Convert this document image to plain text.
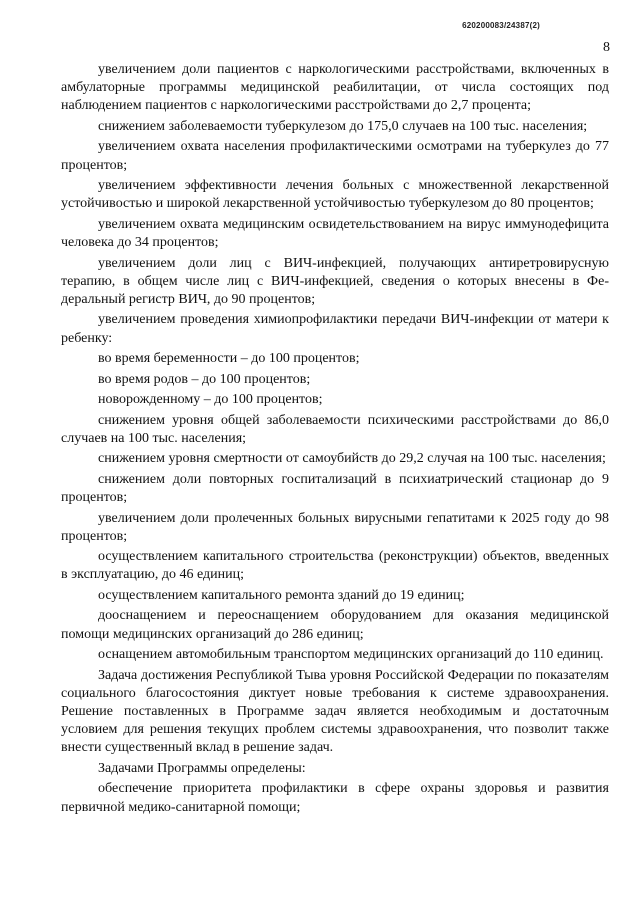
620200083/24387(2)
8

увеличением доли пациентов с наркологическими расстройствами, включенных в амбулаторные программы медицинской реабилитации, от числа состоящих под наблюдением пациентов с наркологическими расстройствами до 2,7 процента;

снижением заболеваемости туберкулезом до 175,0 случаев на 100 тыс. населения;

увеличением охвата населения профилактическими осмотрами на туберкулез до 77 процентов;

увеличением эффективности лечения больных с множественной лекарственной устойчивостью и широкой лекарственной устойчивостью туберкулезом до 80 процентов;

увеличением охвата медицинским освидетельствованием на вирус иммунодефицита человека до 34 процентов;

увеличением доли лиц с ВИЧ-инфекцией, получающих антиретровирусную терапию, в общем числе лиц с ВИЧ-инфекцией, сведения о которых внесены в Федеральный регистр ВИЧ, до 90 процентов;

увеличением проведения химиопрофилактики передачи ВИЧ-инфекции от матери к ребенку:

во время беременности – до 100 процентов;

во время родов – до 100 процентов;

новорожденному – до 100 процентов;

снижением уровня общей заболеваемости психическими расстройствами до 86,0 случаев на 100 тыс. населения;

снижением уровня смертности от самоубийств до 29,2 случая на 100 тыс. населения;

снижением доли повторных госпитализаций в психиатрический стационар до 9 процентов;

увеличением доли пролеченных больных вирусными гепатитами к 2025 году до 98 процентов;

осуществлением капитального строительства (реконструкции) объектов, введенных в эксплуатацию, до 46 единиц;

осуществлением капитального ремонта зданий до 19 единиц;

дооснащением и переоснащением оборудованием для оказания медицинской помощи медицинских организаций до 286 единиц;

оснащением автомобильным транспортом медицинских организаций до 110 единиц.

Задача достижения Республикой Тыва уровня Российской Федерации по показателям социального благосостояния диктует новые требования к системе здравоохранения. Решение поставленных в Программе задач является необходимым и достаточным условием для решения текущих проблем системы здравоохранения, что позволит также внести существенный вклад в решение задач.

Задачами Программы определены:

обеспечение приоритета профилактики в сфере охраны здоровья и развития первичной медико-санитарной помощи;
